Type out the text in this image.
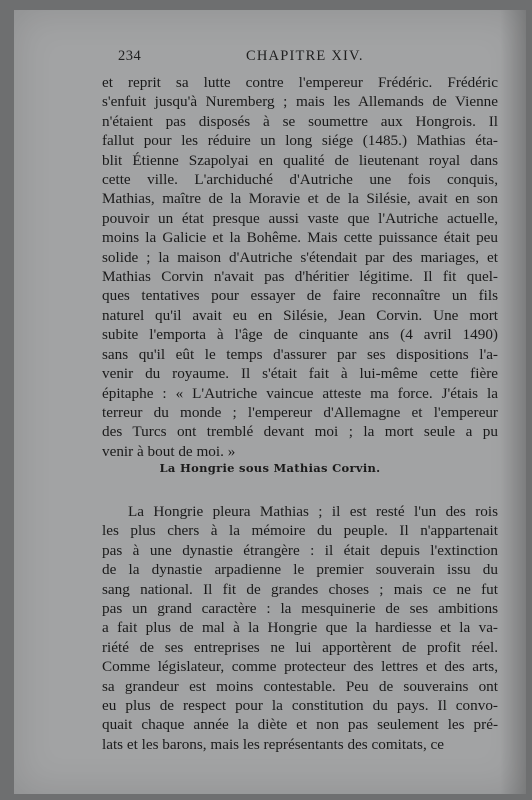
234	CHAPITRE XIV.
et reprit sa lutte contre l'empereur Frédéric. Frédéric
s'enfuit jusqu'à Nuremberg ; mais les Allemands de Vienne
n'étaient pas disposés à se soumettre aux Hongrois. Il
fallut pour les réduire un long siége (1485.) Mathias éta-
blit Étienne Szapolyai en qualité de lieutenant royal dans
cette ville. L'archiduché d'Autriche une fois conquis,
Mathias, maître de la Moravie et de la Silésie, avait en son
pouvoir un état presque aussi vaste que l'Autriche actuelle,
moins la Galicie et la Bohême. Mais cette puissance était peu
solide ; la maison d'Autriche s'étendait par des mariages, et
Mathias Corvin n'avait pas d'héritier légitime. Il fit quel-
ques tentatives pour essayer de faire reconnaître un fils
naturel qu'il avait eu en Silésie, Jean Corvin. Une mort
subite l'emporta à l'âge de cinquante ans (4 avril 1490)
sans qu'il eût le temps d'assurer par ses dispositions l'a-
venir du royaume. Il s'était fait à lui-même cette fière
épitaphe : « L'Autriche vaincue atteste ma force. J'étais la
terreur du monde ; l'empereur d'Allemagne et l'empereur
des Turcs ont tremblé devant moi ; la mort seule a pu
venir à bout de moi. »
La Hongrie sous Mathias Corvin.
La Hongrie pleura Mathias ; il est resté l'un des rois
les plus chers à la mémoire du peuple. Il n'appartenait
pas à une dynastie étrangère : il était depuis l'extinction
de la dynastie arpadienne le premier souverain issu du
sang national. Il fit de grandes choses ; mais ce ne fut
pas un grand caractère : la mesquinerie de ses ambitions
a fait plus de mal à la Hongrie que la hardiesse et la va-
riété de ses entreprises ne lui apportèrent de profit réel.
Comme législateur, comme protecteur des lettres et des arts,
sa grandeur est moins contestable. Peu de souverains ont
eu plus de respect pour la constitution du pays. Il convo-
quait chaque année la diète et non pas seulement les pré-
lats et les barons, mais les représentants des comitats, ce
